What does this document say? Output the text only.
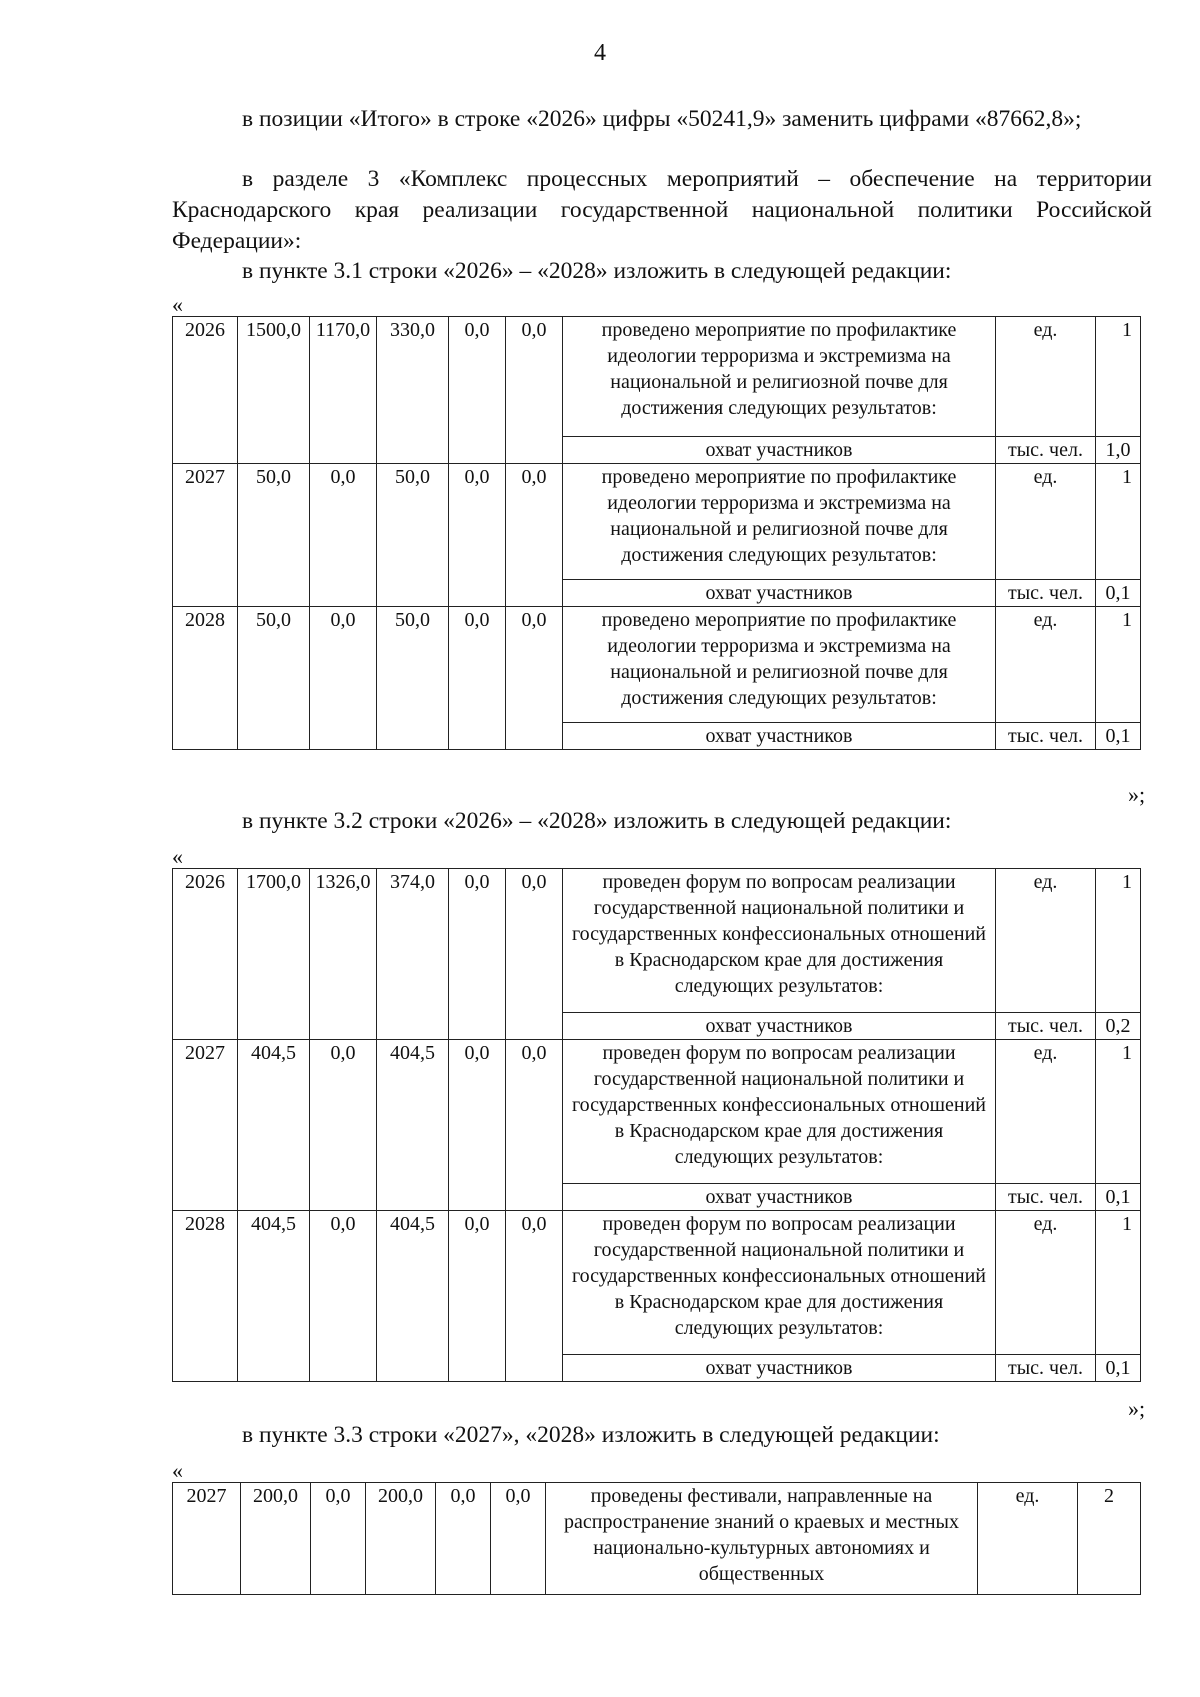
4

в позиции «Итого» в строке «2026» цифры «50241,9» заменить цифрами «87662,8»;

в разделе 3 «Комплекс процессных мероприятий – обеспечение на территории Краснодарского края реализации государственной национальной политики Российской Федерации»:

в пункте 3.1 строки «2026» – «2028» изложить в следующей редакции:

«
2026	1500,0	1170,0	330,0	0,0	0,0	проведено мероприятие по профилактике идеологии терроризма и экстремизма на национальной и религиозной почве для достижения следующих результатов:	ед.	1
						охват участников	тыс. чел.	1,0
2027	50,0	0,0	50,0	0,0	0,0	проведено мероприятие по профилактике идеологии терроризма и экстремизма на национальной и религиозной почве для достижения следующих результатов:	ед.	1
						охват участников	тыс. чел.	0,1
2028	50,0	0,0	50,0	0,0	0,0	проведено мероприятие по профилактике идеологии терроризма и экстремизма на национальной и религиозной почве для достижения следующих результатов:	ед.	1
						охват участников	тыс. чел.	0,1
»;

в пункте 3.2 строки «2026» – «2028» изложить в следующей редакции:

«
2026	1700,0	1326,0	374,0	0,0	0,0	проведен форум по вопросам реализации государственной национальной политики и государственных конфессиональных отношений в Краснодарском крае для достижения следующих результатов:	ед.	1
						охват участников	тыс. чел.	0,2
2027	404,5	0,0	404,5	0,0	0,0	проведен форум по вопросам реализации государственной национальной политики и государственных конфессиональных отношений в Краснодарском крае для достижения следующих результатов:	ед.	1
						охват участников	тыс. чел.	0,1
2028	404,5	0,0	404,5	0,0	0,0	проведен форум по вопросам реализации государственной национальной политики и государственных конфессиональных отношений в Краснодарском крае для достижения следующих результатов:	ед.	1
						охват участников	тыс. чел.	0,1
»;

в пункте 3.3 строки «2027», «2028» изложить в следующей редакции:

«
2027	200,0	0,0	200,0	0,0	0,0	проведены фестивали, направленные на распространение знаний о краевых и местных национально-культурных автономиях и общественных	ед.	2
